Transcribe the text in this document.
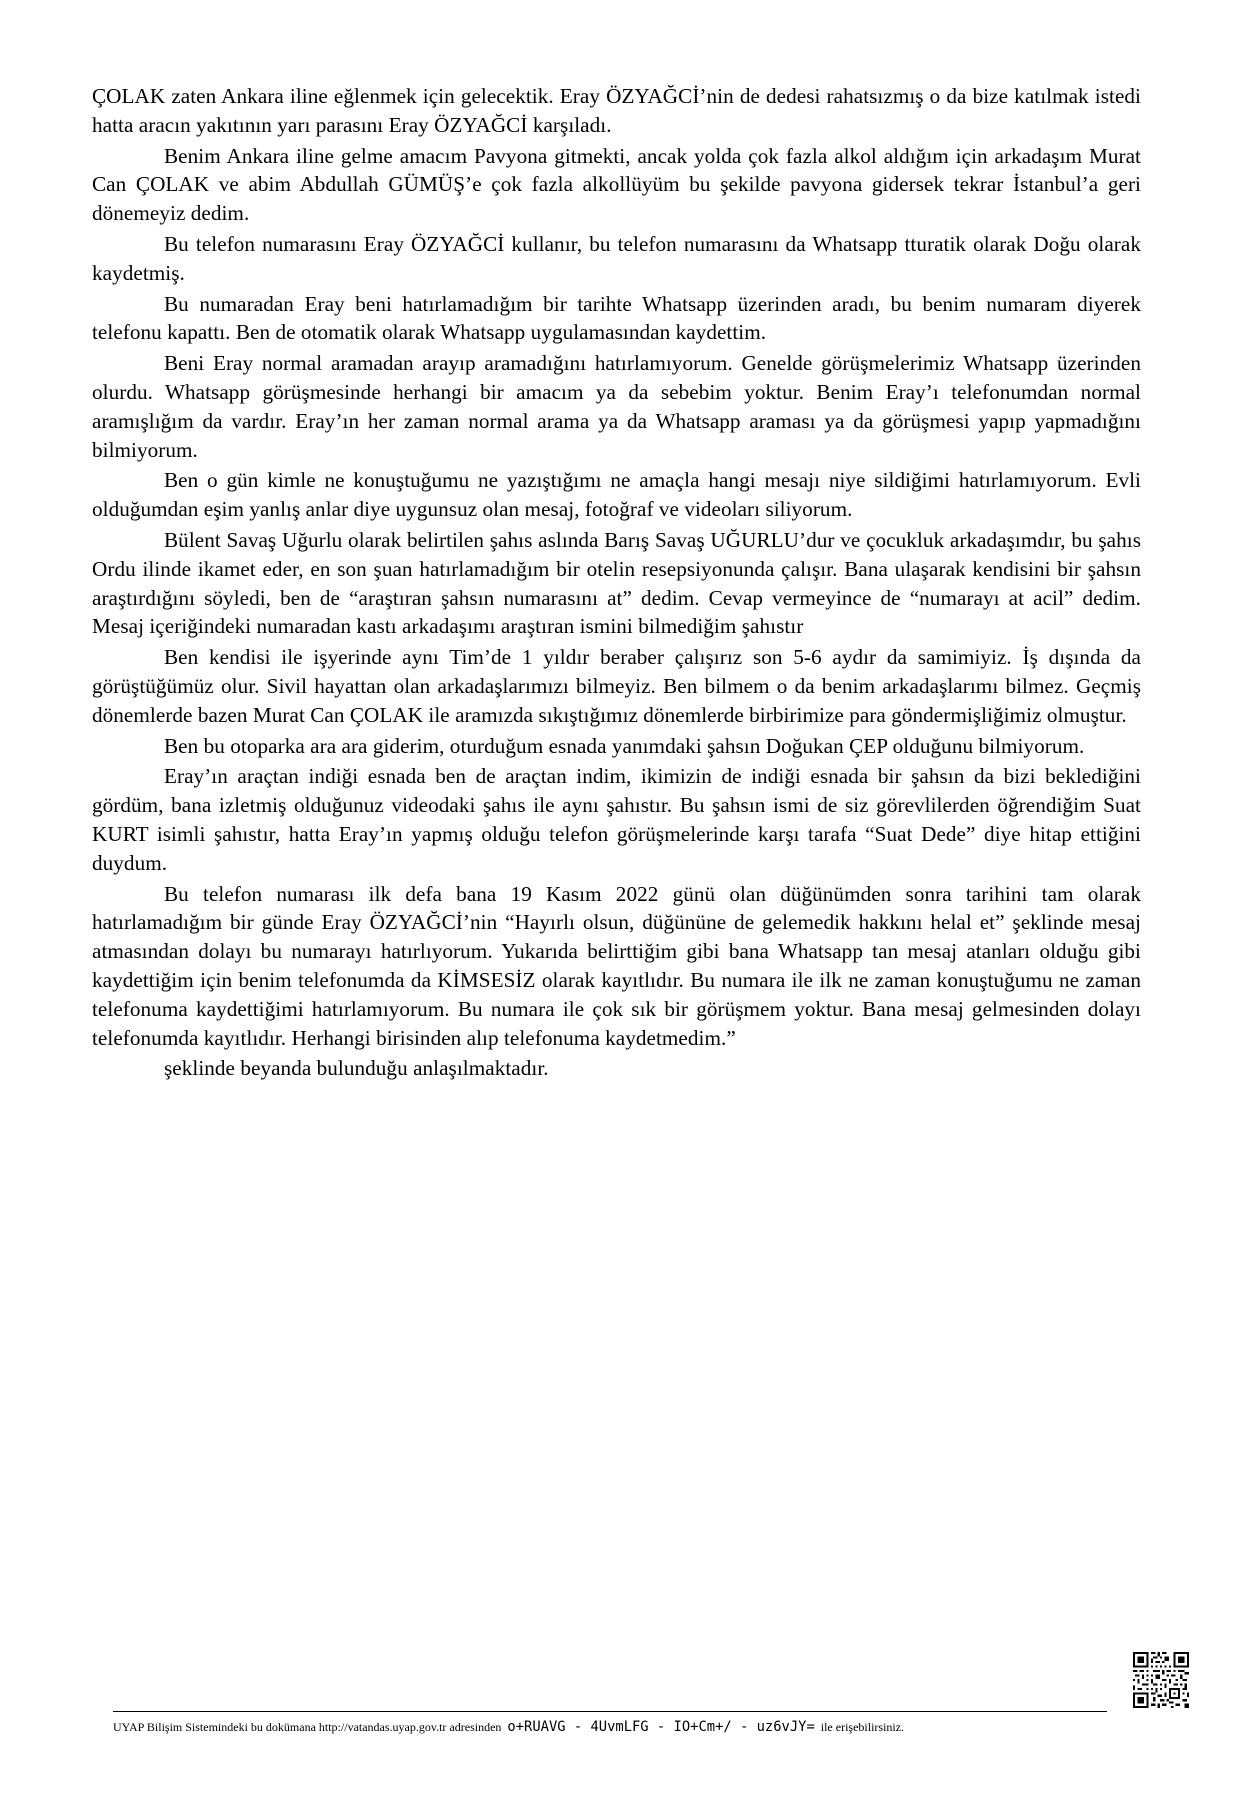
ÇOLAK zaten Ankara iline eğlenmek için gelecektik. Eray ÖZYAĞCİ’nin de dedesi rahatsızmış o da bize katılmak istedi hatta aracın yakıtının yarı parasını Eray ÖZYAĞCİ karşıladı.

Benim Ankara iline gelme amacım Pavyona gitmekti, ancak yolda çok fazla alkol aldığım için arkadaşım Murat Can ÇOLAK ve abim Abdullah GÜMÜŞ’e çok fazla alkollüyüm bu şekilde pavyona gidersek tekrar İstanbul’a geri dönemeyiz dedim.

Bu telefon numarasını Eray ÖZYAĞCİ kullanır, bu telefon numarasını da Whatsapp tturatik olarak Doğu olarak kaydetmiş.

Bu numaradan Eray beni hatırlamadığım bir tarihte Whatsapp üzerinden aradı, bu benim numaram diyerek telefonu kapattı. Ben de otomatik olarak Whatsapp uygulamasından kaydettim.

Beni Eray normal aramadan arayıp aramadığını hatırlamıyorum. Genelde görüşmelerimiz Whatsapp üzerinden olurdu. Whatsapp görüşmesinde herhangi bir amacım ya da sebebim yoktur. Benim Eray’ı telefonumdan normal aramışlığım da vardır. Eray’ın her zaman normal arama ya da Whatsapp araması ya da görüşmesi yapıp yapmadığını bilmiyorum.

Ben o gün kimle ne konuştuğumu ne yazıştığımı ne amaçla hangi mesajı niye sildiğimi hatırlamıyorum. Evli olduğumdan eşim yanlış anlar diye uygunsuz olan mesaj, fotoğraf ve videoları siliyorum.

Bülent Savaş Uğurlu olarak belirtilen şahıs aslında Barış Savaş UĞURLU’dur ve çocukluk arkadaşımdır, bu şahıs Ordu ilinde ikamet eder, en son şuan hatırlamadığım bir otelin resepsiyonunda çalışır. Bana ulaşarak kendisini bir şahsın araştırdığını söyledi, ben de “araştıran şahsın numarasını at” dedim. Cevap vermeyince de “numarayı at acil” dedim. Mesaj içeriğindeki numaradan kastı arkadaşımı araştıran ismini bilmediğim şahıstır

Ben kendisi ile işyerinde aynı Tim’de 1 yıldır beraber çalışırız son 5-6 aydır da samimiyiz. İş dışında da görüştüğümüz olur. Sivil hayattan olan arkadaşlarımızı bilmeyiz. Ben bilmem o da benim arkadaşlarımı bilmez. Geçmiş dönemlerde bazen Murat Can ÇOLAK ile aramızda sıkıştığımız dönemlerde birbirimize para göndermişliğimiz olmuştur.

Ben bu otoparka ara ara giderim, oturduğum esnada yanımdaki şahsın Doğukan ÇEP olduğunu bilmiyorum.

Eray’ın araçtan indiği esnada ben de araçtan indim, ikimizin de indiği esnada bir şahsın da bizi beklediğini gördüm, bana izletmiş olduğunuz videodaki şahıs ile aynı şahıstır. Bu şahsın ismi de siz görevlilerden öğrendiğim Suat KURT isimli şahıstır, hatta Eray’ın yapmış olduğu telefon görüşmelerinde karşı tarafa “Suat Dede” diye hitap ettiğini duydum.

Bu telefon numarası ilk defa bana 19 Kasım 2022 günü olan düğünümden sonra tarihini tam olarak hatırlamadığım bir günde Eray ÖZYAĞCİ’nin “Hayırlı olsun, düğününe de gelemedik hakkını helal et” şeklinde mesaj atmasından dolayı bu numarayı hatırlıyorum. Yukarıda belirttiğim gibi bana Whatsapp tan mesaj atanları olduğu gibi kaydettiğim için benim telefonumda da KİMSESİZ olarak kayıtlıdır. Bu numara ile ilk ne zaman konuştuğumu ne zaman telefonuma kaydettiğimi hatırlamıyorum. Bu numara ile çok sık bir görüşmem yoktur. Bana mesaj gelmesinden dolayı telefonumda kayıtlıdır. Herhangi birisinden alıp telefonuma kaydetmedim.”

şeklinde beyanda bulunduğu anlaşılmaktadır.

UYAP Bilişim Sistemindeki bu dokümana http://vatandas.uyap.gov.tr adresinden o+RUAVG - 4UvmLFG - IO+Cm+/ - uz6vJY= ile erişebilirsiniz.
